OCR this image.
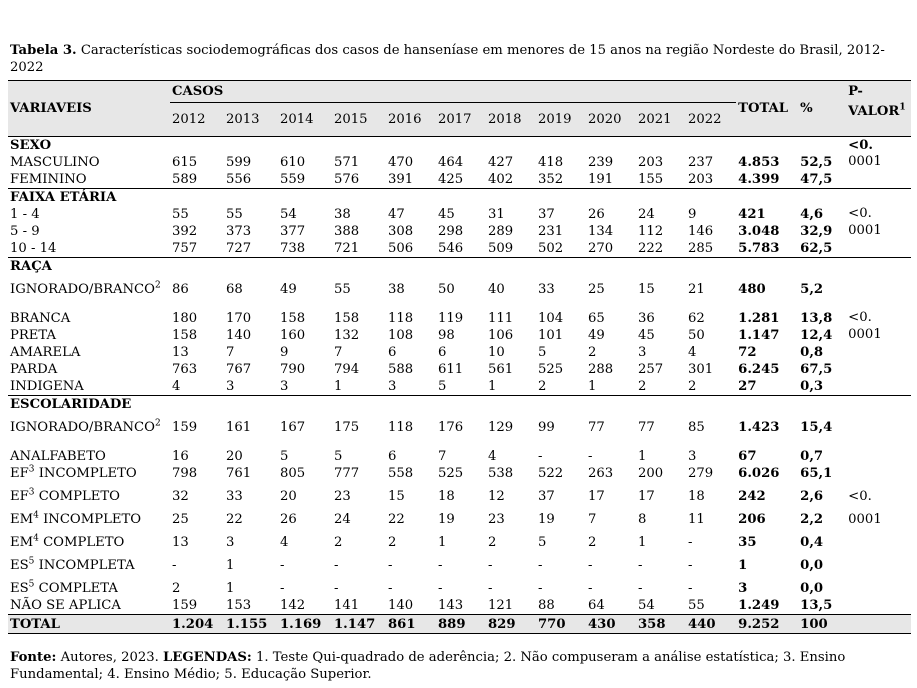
Tabela 3. Características sociodemográficas dos casos de hanseníase em menores de 15 anos na região Nordeste do Brasil, 2012-2022

VARIAVEIS	CASOS											TOTAL	%	P-
VALOR$^1$
	2012	2013	2014	2015	2016	2017	2018	2019	2020	2021	2022			
SEXO														<0.
MASCULINO	615	599	610	571	470	464	427	418	239	203	237	4.853	52,5	0001
FEMININO	589	556	559	576	391	425	402	352	191	155	203	4.399	47,5	
FAIXA ETÁRIA														
1 - 4	55	55	54	38	47	45	31	37	26	24	9	421	4,6	<0.
5 - 9	392	373	377	388	308	298	289	231	134	112	146	3.048	32,9	0001
10 - 14	757	727	738	721	506	546	509	502	270	222	285	5.783	62,5	
RAÇA														
IGNORADO/BRANCO$^2$	86	68	49	55	38	50	40	33	25	15	21	480	5,2	

BRANCA	180	170	158	158	118	119	111	104	65	36	62	1.281	13,8	<0.
PRETA	158	140	160	132	108	98	106	101	49	45	50	1.147	12,4	0001
AMARELA	13	7	9	7	6	6	10	5	2	3	4	72	0,8	
PARDA	763	767	790	794	588	611	561	525	288	257	301	6.245	67,5	
INDIGENA	4	3	3	1	3	5	1	2	1	2	2	27	0,3	
ESCOLARIDADE														
IGNORADO/BRANCO$^2$	159	161	167	175	118	176	129	99	77	77	85	1.423	15,4	

ANALFABETO	16	20	5	5	6	7	4	-	-	1	3	67	0,7	
$EF^3$ INCOMPLETO	798	761	805	777	558	525	538	522	263	200	279	6.026	65,1	
$EF^3$ COMPLETO	32	33	20	23	15	18	12	37	17	17	18	242	2,6	<0.
$EM^4$ INCOMPLETO	25	22	26	24	22	19	23	19	7	8	11	206	2,2	0001
$EM^4$ COMPLETO	13	3	4	2	2	1	2	5	2	1	-	35	0,4	
$ES^5$ INCOMPLETA	-	1	-	-	-	-	-	-	-	-	-	1	0,0	
$ES^5$ COMPLETA	2	1	-	-	-	-	-	-	-	-	-	3	0,0	
NÃO SE APLICA	159	153	142	141	140	143	121	88	64	54	55	1.249	13,5	
TOTAL	1.204	1.155	1.169	1.147	861	889	829	770	430	358	440	9.252	100	

Fonte: Autores, 2023. LEGENDAS: 1. Teste Qui-quadrado de aderência; 2. Não compuseram a análise estatística; 3. Ensino Fundamental; 4. Ensino Médio; 5. Educação Superior.
